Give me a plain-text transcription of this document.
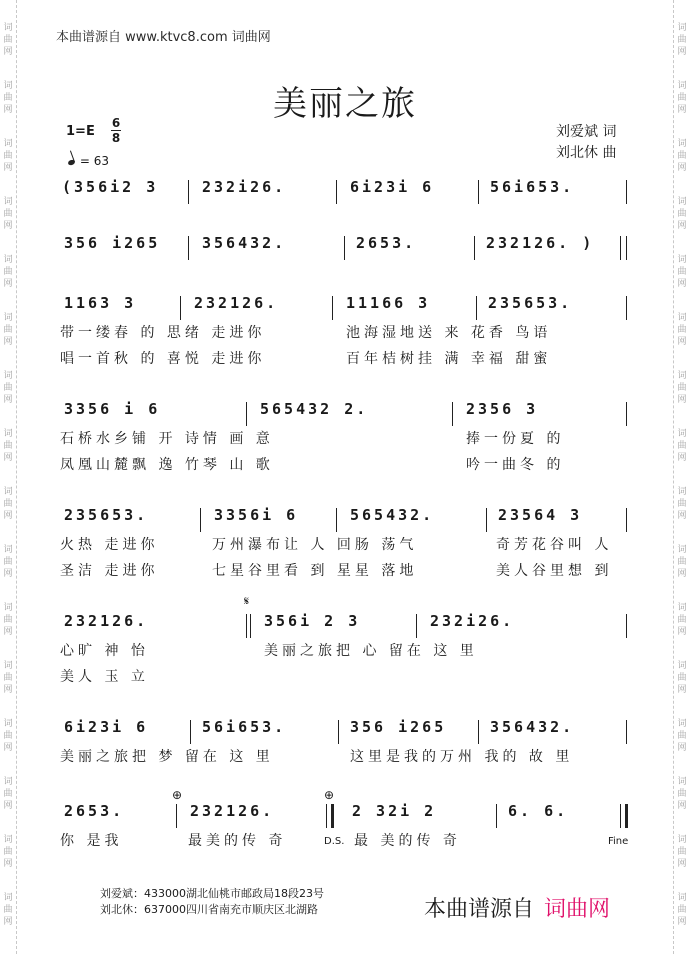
词
曲
网
词
曲
网
词
曲
网
词
曲
网
词
曲
网
词
曲
网
词
曲
网
词
曲
网
词
曲
网
词
曲
网
词
曲
网
词
曲
网
词
曲
网
词
曲
网
词
曲
网
词
曲
网
词
曲
网
词
曲
网
词
曲
网
词
曲
网
词
曲
网
词
曲
网
词
曲
网
词
曲
网
词
曲
网
词
曲
网
词
曲
网
词
曲
网
词
曲
网
词
曲
网
词
曲
网
词
曲
网
本曲谱源自 www.ktvc8.com 词曲网
美丽之旅
1=E
6
8
= 63
刘爱斌 词
刘北休 曲
(356i2 3	232i26.	6i23i 6	56i653.
356 i265	356432.	2653.	232126. )
1163 3	232126.	11166 3	235653.
带一缕春 的 思绪 走进你	池海湿地送 来 花香 鸟语
唱一首秋 的 喜悦 走进你	百年桔树挂 满 幸福 甜蜜
3356 i 6	565432 2.	2356 3
石桥水乡铺 开 诗情 画 意	捧一份夏 的
凤凰山麓飘 逸 竹琴 山 歌	吟一曲冬 的
235653.	3356i 6	565432.	23564 3
火热 走进你	万州瀑布让 人 回肠 荡气	奇芳花谷叫 人
圣洁 走进你	七星谷里看 到 星星 落地	美人谷里想 到
𝄋
232126.	356i 2 3	232i26.
心旷 神 怡	美丽之旅把 心 留在 这 里
美人 玉 立
6i23i 6	56i653.	356 i265	356432.
美丽之旅把 梦 留在 这 里	这里是我的万州 我的 故 里
⊕	⊕
2653.	232126.	2 32i 2	6. 6.
你 是我	最美的传 奇	最 美的传 奇
D.S.	Fine
刘爱斌：433000湖北仙桃市邮政局18段23号
刘北休：637000四川省南充市顺庆区北湖路	本曲谱源自 词曲网
